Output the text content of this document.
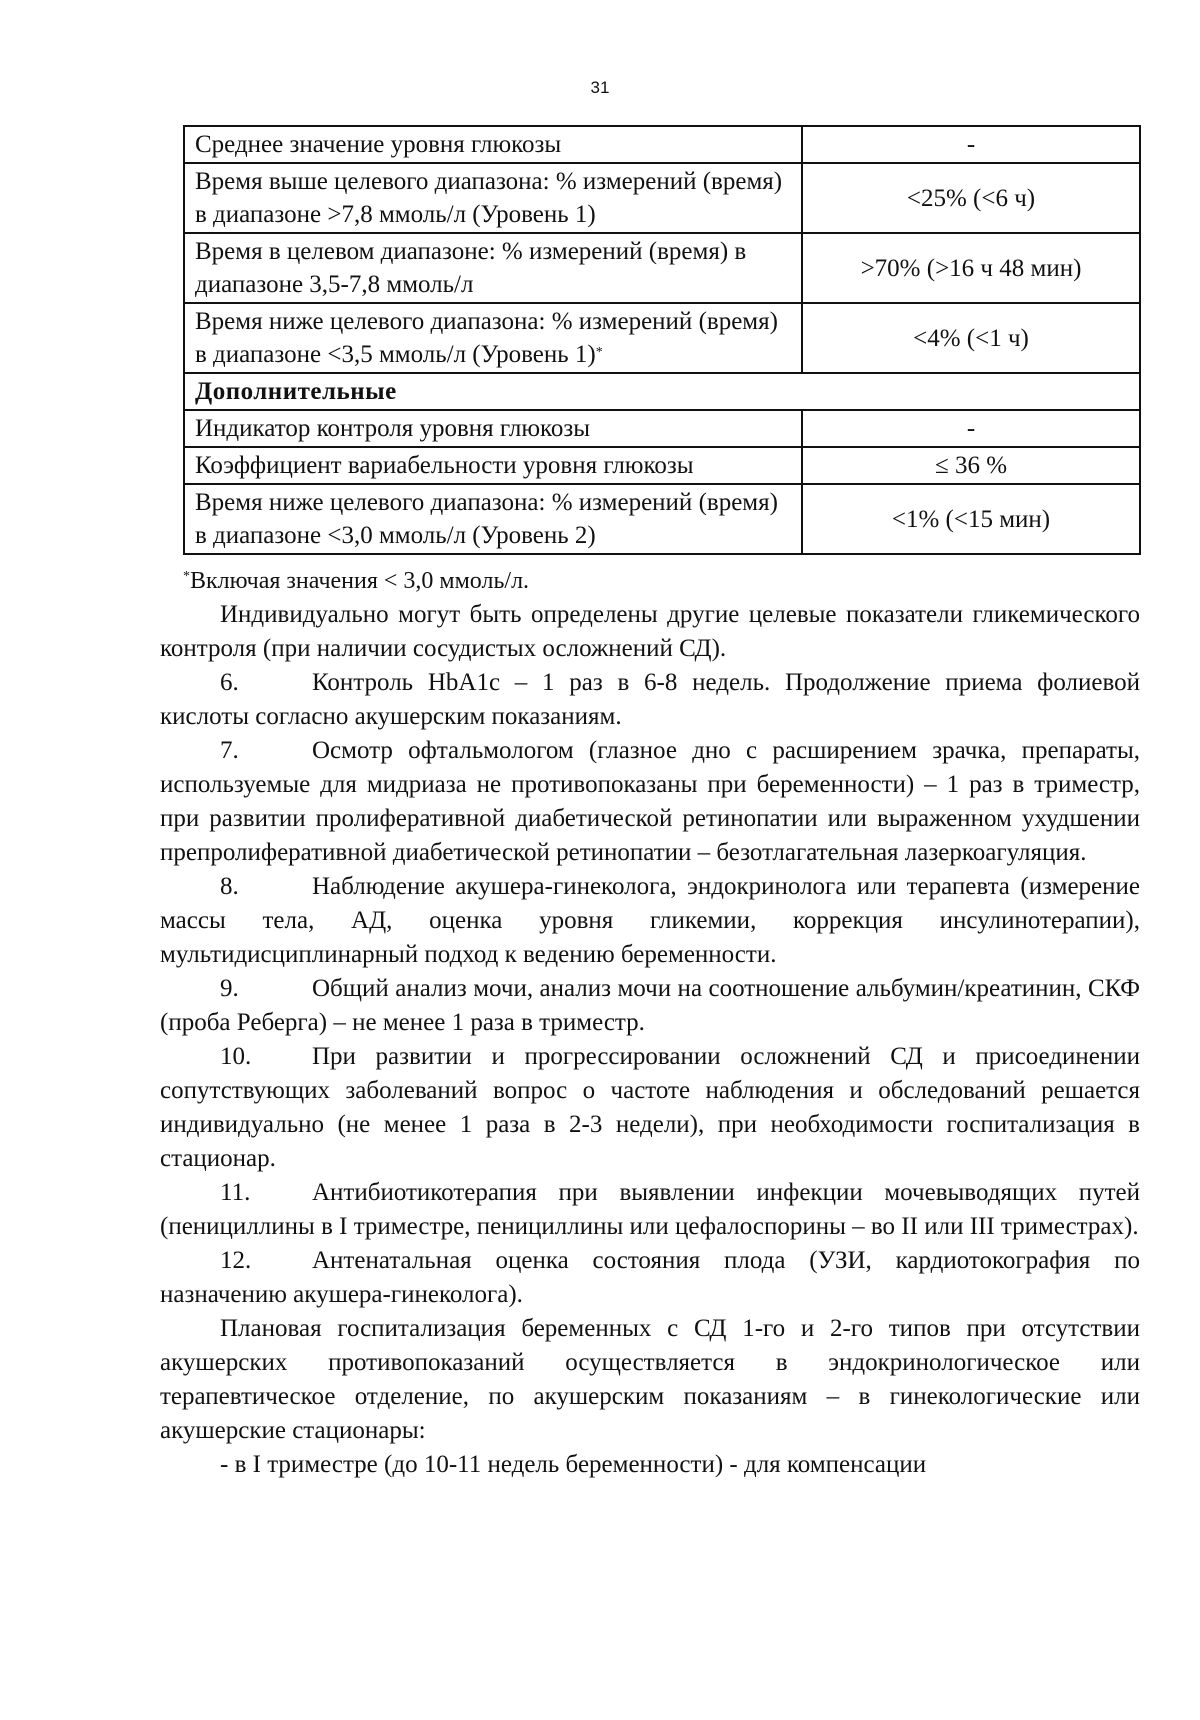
31
Среднее значение уровня глюкозы	-
Время выше целевого диапазона: % измерений (время) в диапазоне >7,8 ммоль/л (Уровень 1)	<25% (<6 ч)
Время в целевом диапазоне: % измерений (время) в диапазоне 3,5-7,8 ммоль/л	>70% (>16 ч 48 мин)
Время ниже целевого диапазона: % измерений (время) в диапазоне <3,5 ммоль/л (Уровень 1)*	<4% (<1 ч)
Дополнительные	
Индикатор контроля уровня глюкозы	-
Коэффициент вариабельности уровня глюкозы	≤ 36 %
Время ниже целевого диапазона: % измерений (время) в диапазоне <3,0 ммоль/л (Уровень 2)	<1% (<15 мин)
*Включая значения < 3,0 ммоль/л.

Индивидуально могут быть определены другие целевые показатели гликемического контроля (при наличии сосудистых осложнений СД).

6.	Контроль HbA1c – 1 раз в 6-8 недель. Продолжение приема фолиевой кислоты согласно акушерским показаниям.

7.	Осмотр офтальмологом (глазное дно с расширением зрачка, препараты, используемые для мидриаза не противопоказаны при беременности) – 1 раз в триместр, при развитии пролиферативной диабетической ретинопатии или выраженном ухудшении препролиферативной диабетической ретинопатии – безотлагательная лазеркоагуляция.

8.	Наблюдение акушера-гинеколога, эндокринолога или терапевта (измерение массы тела, АД, оценка уровня гликемии, коррекция инсулинотерапии), мультидисциплинарный подход к ведению беременности.

9.	Общий анализ мочи, анализ мочи на соотношение альбумин/креатинин, СКФ (проба Реберга) – не менее 1 раза в триместр.

10. При развитии и прогрессировании осложнений СД и присоединении сопутствующих заболеваний вопрос о частоте наблюдения и обследований решается индивидуально (не менее 1 раза в 2-3 недели), при необходимости госпитализация в стационар.

11. Антибиотикотерапия при выявлении инфекции мочевыводящих путей (пенициллины в I триместре, пенициллины или цефалоспорины – во II или III триместрах).

12. Антенатальная оценка состояния плода (УЗИ, кардиотокография по назначению акушера-гинеколога).

Плановая госпитализация беременных с СД 1-го и 2-го типов при отсутствии акушерских противопоказаний осуществляется в эндокринологическое или терапевтическое отделение, по акушерским показаниям – в гинекологические или акушерские стационары:

- в I триместре (до 10-11 недель беременности) - для компенсации
